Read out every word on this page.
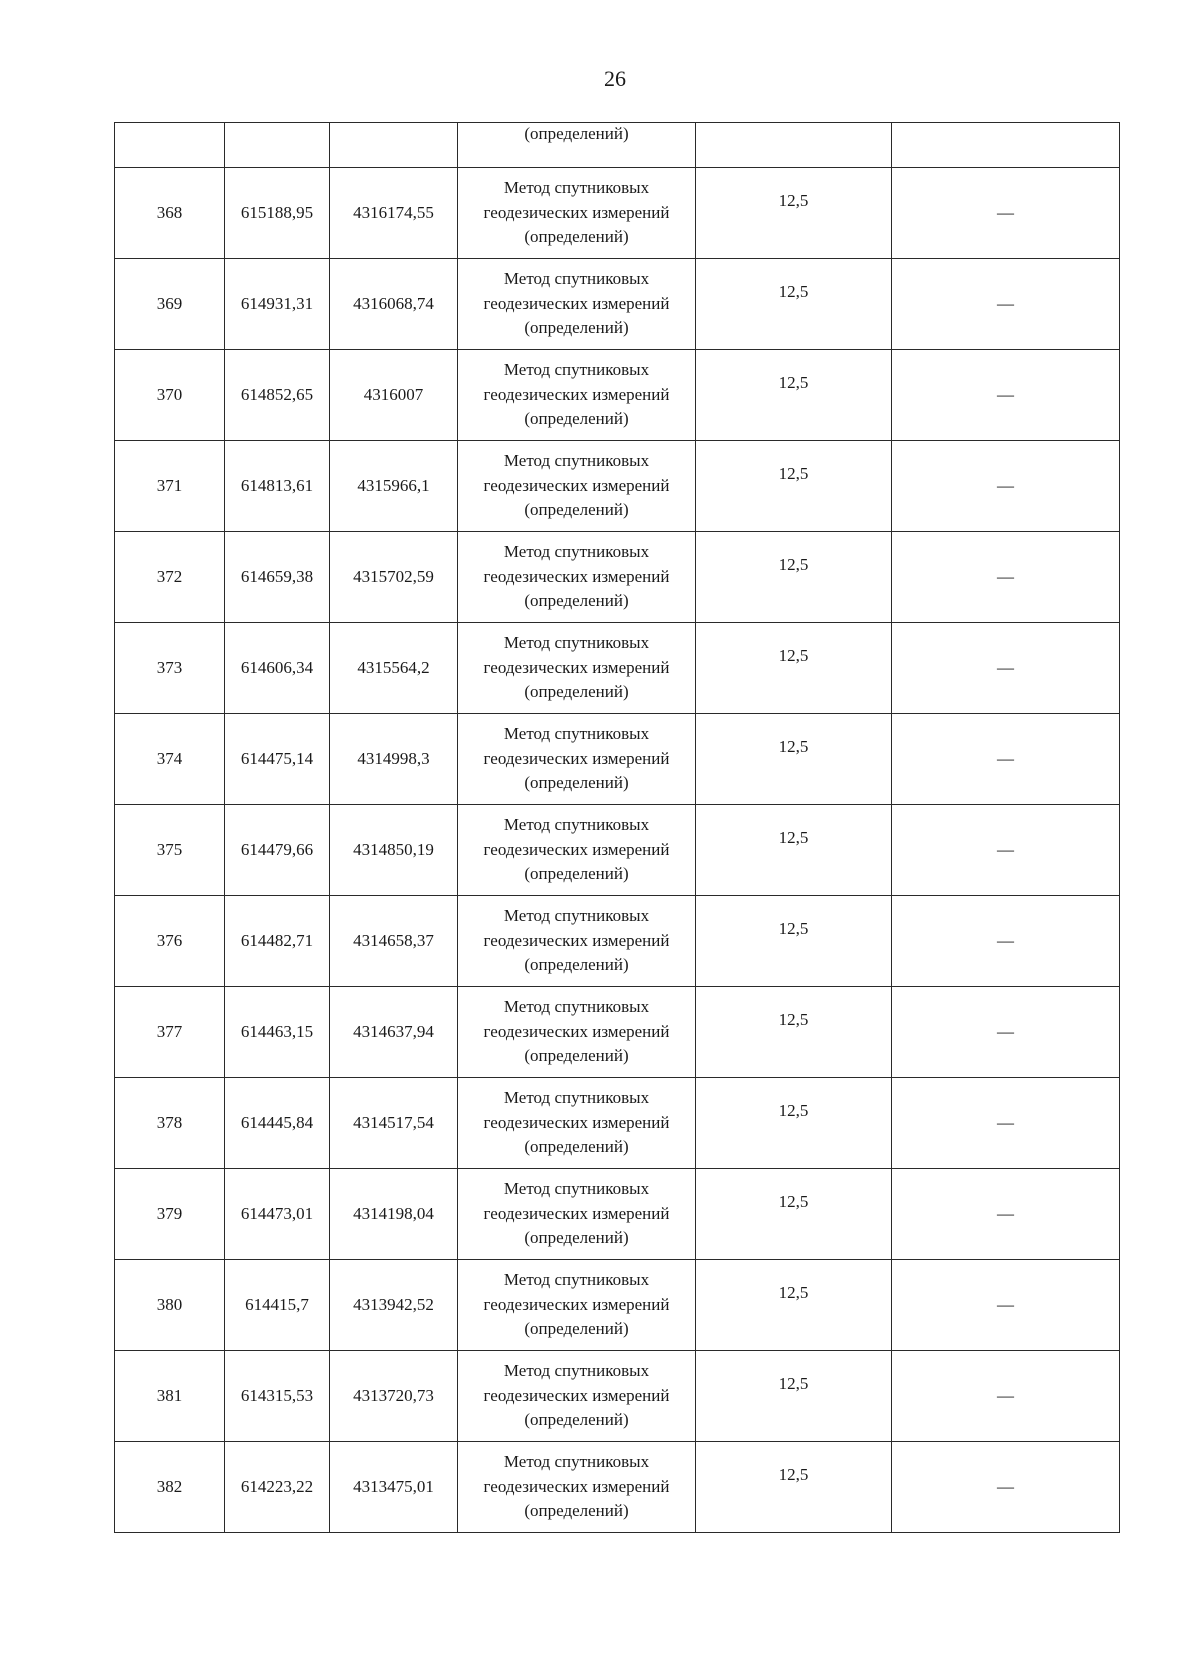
26
			(определений)		
368	615188,95	4316174,55	Метод спутниковых
геодезических измерений
(определений)	12,5	—
369	614931,31	4316068,74	Метод спутниковых
геодезических измерений
(определений)	12,5	—
370	614852,65	4316007	Метод спутниковых
геодезических измерений
(определений)	12,5	—
371	614813,61	4315966,1	Метод спутниковых
геодезических измерений
(определений)	12,5	—
372	614659,38	4315702,59	Метод спутниковых
геодезических измерений
(определений)	12,5	—
373	614606,34	4315564,2	Метод спутниковых
геодезических измерений
(определений)	12,5	—
374	614475,14	4314998,3	Метод спутниковых
геодезических измерений
(определений)	12,5	—
375	614479,66	4314850,19	Метод спутниковых
геодезических измерений
(определений)	12,5	—
376	614482,71	4314658,37	Метод спутниковых
геодезических измерений
(определений)	12,5	—
377	614463,15	4314637,94	Метод спутниковых
геодезических измерений
(определений)	12,5	—
378	614445,84	4314517,54	Метод спутниковых
геодезических измерений
(определений)	12,5	—
379	614473,01	4314198,04	Метод спутниковых
геодезических измерений
(определений)	12,5	—
380	614415,7	4313942,52	Метод спутниковых
геодезических измерений
(определений)	12,5	—
381	614315,53	4313720,73	Метод спутниковых
геодезических измерений
(определений)	12,5	—
382	614223,22	4313475,01	Метод спутниковых
геодезических измерений
(определений)	12,5	—
